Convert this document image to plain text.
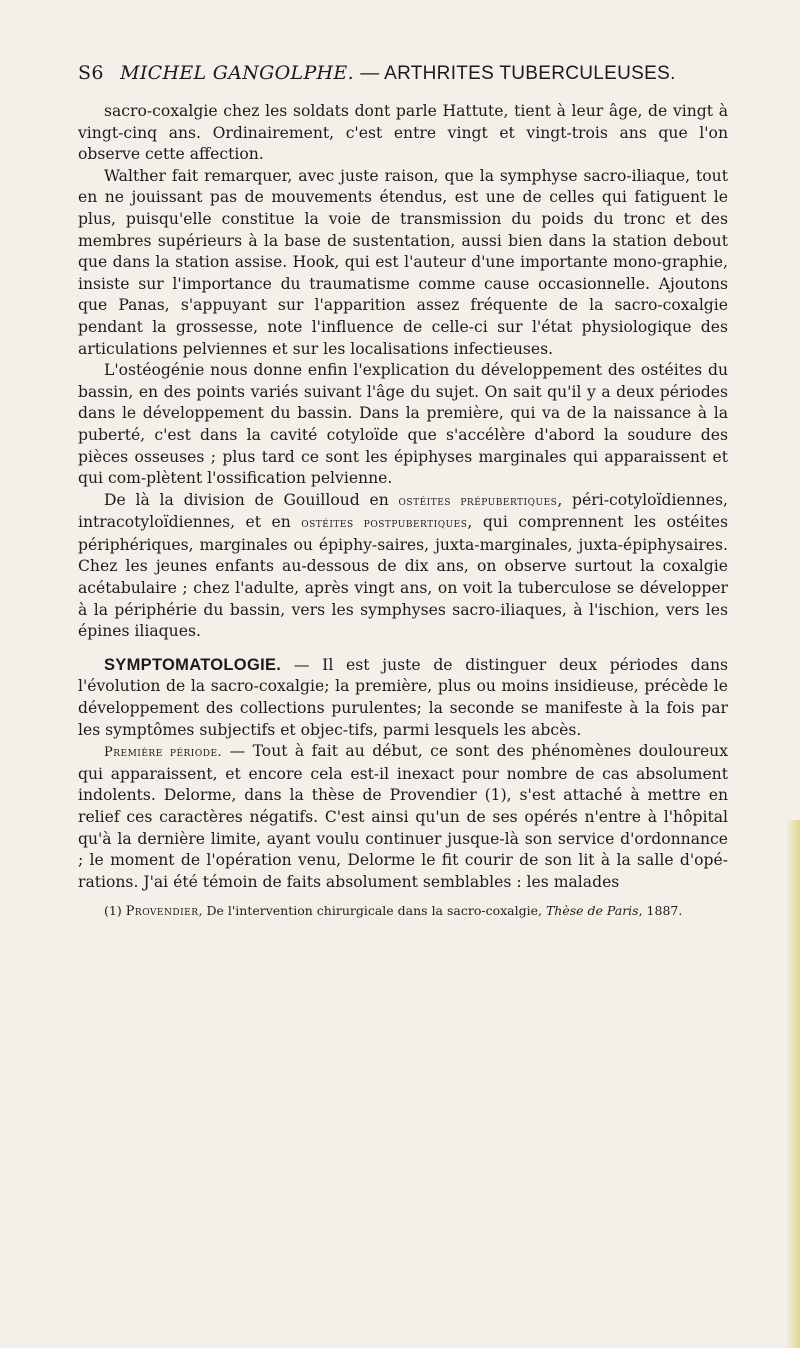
S6 MICHEL GANGOLPHE. — ARTHRITES TUBERCULEUSES.

sacro-coxalgie chez les soldats dont parle Hattute, tient à leur âge, de vingt à vingt-cinq ans. Ordinairement, c'est entre vingt et vingt-trois ans que l'on observe cette affection.

Walther fait remarquer, avec juste raison, que la symphyse sacro-iliaque, tout en ne jouissant pas de mouvements étendus, est une de celles qui fatiguent le plus, puisqu'elle constitue la voie de transmission du poids du tronc et des membres supérieurs à la base de sustentation, aussi bien dans la station debout que dans la station assise. Hook, qui est l'auteur d'une importante mono-graphie, insiste sur l'importance du traumatisme comme cause occasionnelle. Ajoutons que Panas, s'appuyant sur l'apparition assez fréquente de la sacro-coxalgie pendant la grossesse, note l'influence de celle-ci sur l'état physiologique des articulations pelviennes et sur les localisations infectieuses.

L'ostéogénie nous donne enfin l'explication du développement des ostéites du bassin, en des points variés suivant l'âge du sujet. On sait qu'il y a deux périodes dans le développement du bassin. Dans la première, qui va de la naissance à la puberté, c'est dans la cavité cotyloïde que s'accélère d'abord la soudure des pièces osseuses ; plus tard ce sont les épiphyses marginales qui apparaissent et qui com-plètent l'ossification pelvienne.

De là la division de Gouilloud en ostéites prépubertiques, péri-cotyloïdiennes, intracotyloïdiennes, et en ostéites postpubertiques, qui comprennent les ostéites périphériques, marginales ou épiphy-saires, juxta-marginales, juxta-épiphysaires. Chez les jeunes enfants au-dessous de dix ans, on observe surtout la coxalgie acétabulaire ; chez l'adulte, après vingt ans, on voit la tuberculose se développer à la périphérie du bassin, vers les symphyses sacro-iliaques, à l'ischion, vers les épines iliaques.

SYMPTOMATOLOGIE. — Il est juste de distinguer deux périodes dans l'évolution de la sacro-coxalgie; la première, plus ou moins insidieuse, précède le développement des collections purulentes; la seconde se manifeste à la fois par les symptômes subjectifs et objec-tifs, parmi lesquels les abcès.

Première période. — Tout à fait au début, ce sont des phénomènes douloureux qui apparaissent, et encore cela est-il inexact pour nombre de cas absolument indolents. Delorme, dans la thèse de Provendier (1), s'est attaché à mettre en relief ces caractères négatifs. C'est ainsi qu'un de ses opérés n'entre à l'hôpital qu'à la dernière limite, ayant voulu continuer jusque-là son service d'ordonnance ; le moment de l'opération venu, Delorme le fit courir de son lit à la salle d'opé-rations. J'ai été témoin de faits absolument semblables : les malades

(1) Provendier, De l'intervention chirurgicale dans la sacro-coxalgie, Thèse de Paris, 1887.
